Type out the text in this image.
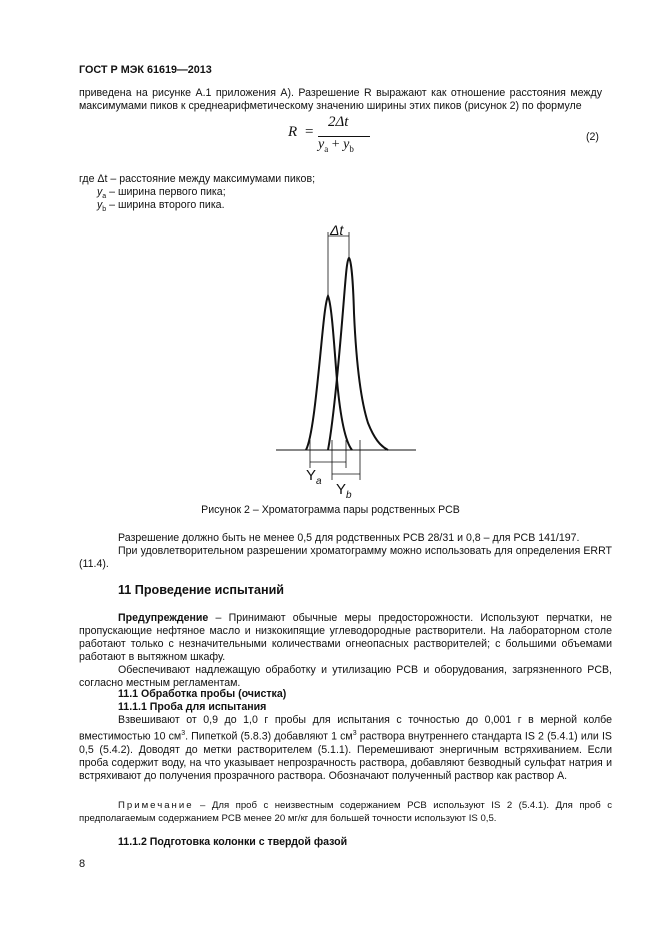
ГОСТ Р МЭК 61619—2013
приведена на рисунке А.1 приложения А). Разрешение R выражают как отношение расстояния между максимумами пиков к среднеарифметическому значению ширины этих пиков (рисунок 2) по формуле
R =
2Δt
$y_a + y_b$
(2)
где Δt – расстояние между максимумами пиков;
$y_a$ – ширина первого пика;
$y_b$ – ширина второго пика.
Δt
$Y_a$ $Y_b$
Рисунок 2 – Хроматограмма пары родственных PCB
Разрешение должно быть не менее 0,5 для родственных PCB 28/31 и 0,8 – для PCB 141/197.
При удовлетворительном разрешении хроматограмму можно использовать для определения ERRT (11.4).
11 Проведение испытаний
Предупреждение – Принимают обычные меры предосторожности. Используют перчатки, не пропускающие нефтяное масло и низкокипящие углеводородные растворители. На лабораторном столе работают только с незначительными количествами огнеопасных растворителей; с большими объемами работают в вытяжном шкафу.
Обеспечивают надлежащую обработку и утилизацию PCB и оборудования, загрязненного PCB, согласно местным регламентам.
11.1 Обработка пробы (очистка)
11.1.1 Проба для испытания
Взвешивают от 0,9 до 1,0 г пробы для испытания с точностью до 0,001 г в мерной колбе вместимостью 10 $см^3$. Пипеткой (5.8.3) добавляют 1 $см^3$ раствора внутреннего стандарта IS 2 (5.4.1) или IS 0,5 (5.4.2). Доводят до метки растворителем (5.1.1). Перемешивают энергичным встряхиванием. Если проба содержит воду, на что указывает непрозрачность раствора, добавляют безводный сульфат натрия и встряхивают до получения прозрачного раствора. Обозначают полученный раствор как раствор А.
Примечание – Для проб с неизвестным содержанием PCB используют IS 2 (5.4.1). Для проб с предполагаемым содержанием PCB менее 20 мг/кг для большей точности используют IS 0,5.
11.1.2 Подготовка колонки с твердой фазой
8
